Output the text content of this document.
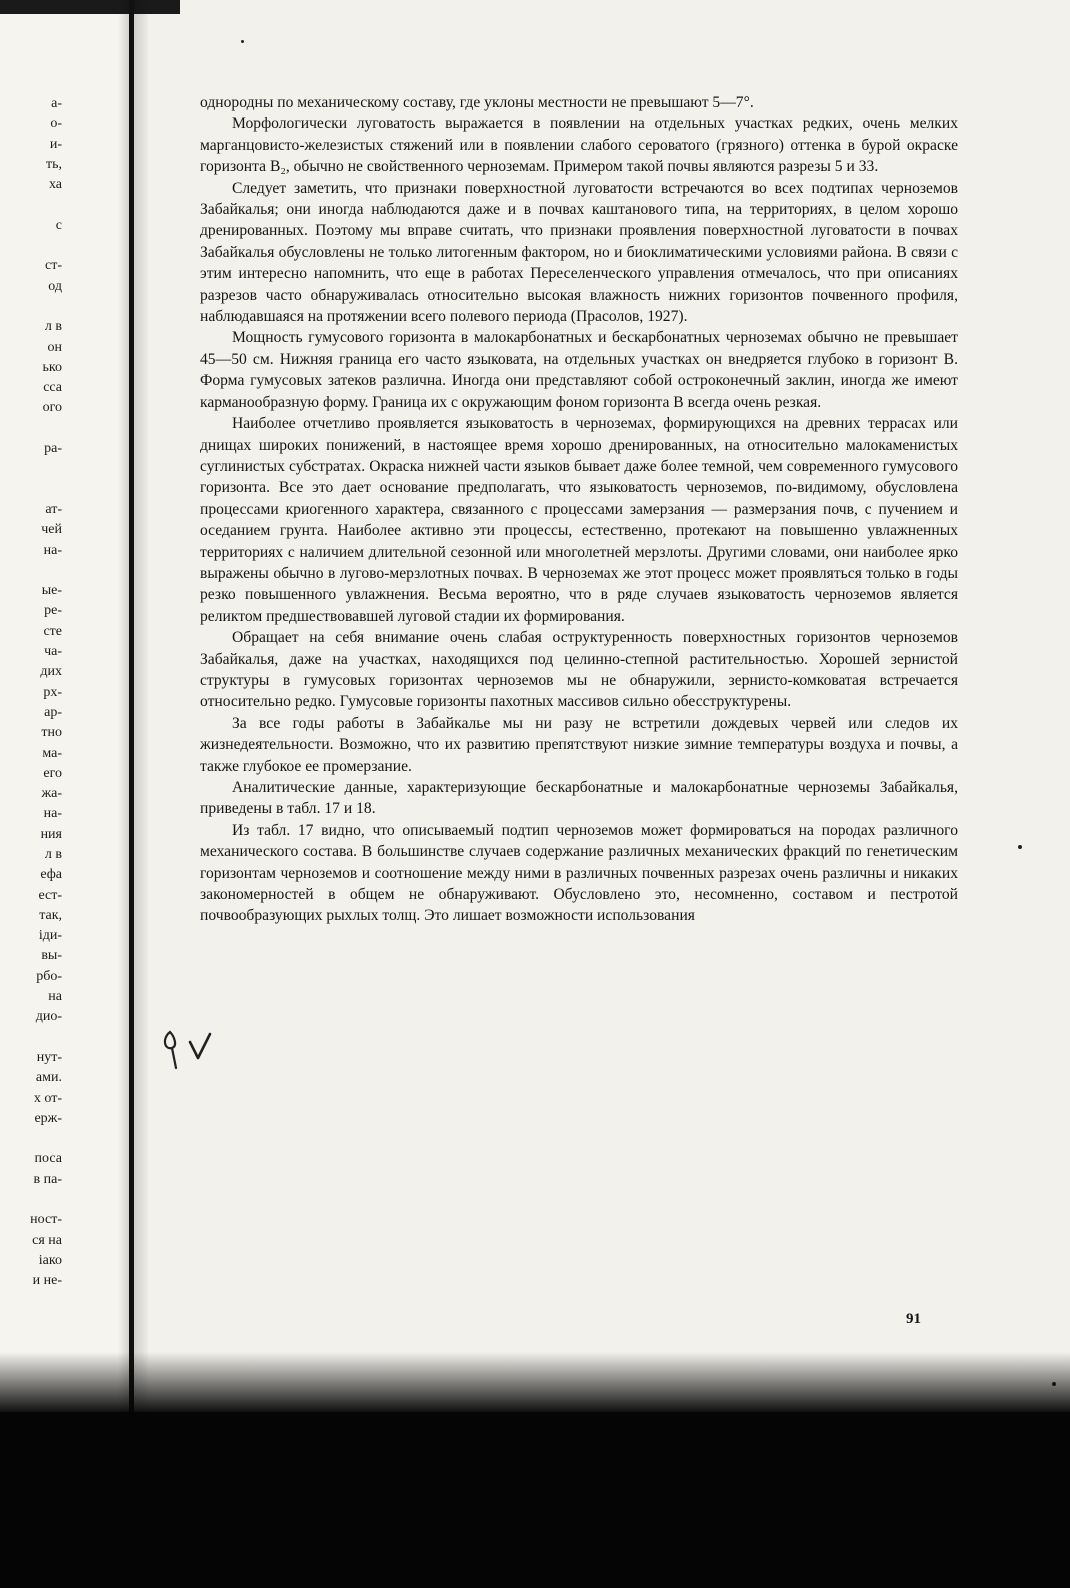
а-
о-
и-
ть,
ха
с
ст-
од
л в
он
ько
сса
ого
ра-
ат-
чей
на-
ые-
ре-
сте
ча-
дих
рх-
ар-
тно
ма-
его
жа-
на-
ния
л в
ефа
ест-
так,
іди-
вы-
рбо-
на
дио-
нут-
ами.
х от-
ерж-
поса
в па-
ност-
ся на
іако
и не-

однородны по механическому составу, где уклоны местности не превышают 5—7°.

Морфологически луговатость выражается в появлении на отдельных участках редких, очень мелких марганцовисто-железистых стяжений или в появлении слабого сероватого (грязного) оттенка в бурой окраске горизонта B₂, обычно не свойственного черноземам. Примером такой почвы являются разрезы 5 и 33.

Следует заметить, что признаки поверхностной луговатости встречаются во всех подтипах черноземов Забайкалья; они иногда наблюдаются даже и в почвах каштанового типа, на территориях, в целом хорошо дренированных. Поэтому мы вправе считать, что признаки проявления поверхностной луговатости в почвах Забайкалья обусловлены не только литогенным фактором, но и биоклиматическими условиями района. В связи с этим интересно напомнить, что еще в работах Переселенческого управления отмечалось, что при описаниях разрезов часто обнаруживалась относительно высокая влажность нижних горизонтов почвенного профиля, наблюдавшаяся на протяжении всего полевого периода (Прасолов, 1927).

Мощность гумусового горизонта в малокарбонатных и бескарбонатных черноземах обычно не превышает 45—50 см. Нижняя граница его часто языковата, на отдельных участках он внедряется глубоко в горизонт В. Форма гумусовых затеков различна. Иногда они представляют собой остроконечный заклин, иногда же имеют карманообразную форму. Граница их с окружающим фоном горизонта В всегда очень резкая.

Наиболее отчетливо проявляется языковатость в черноземах, формирующихся на древних террасах или днищах широких понижений, в настоящее время хорошо дренированных, на относительно малокаменистых суглинистых субстратах. Окраска нижней части языков бывает даже более темной, чем современного гумусового горизонта. Все это дает основание предполагать, что языковатость черноземов, по-видимому, обусловлена процессами криогенного характера, связанного с процессами замерзания — размерзания почв, с пучением и оседанием грунта. Наиболее активно эти процессы, естественно, протекают на повышенно увлажненных территориях с наличием длительной сезонной или многолетней мерзлоты. Другими словами, они наиболее ярко выражены обычно в лугово-мерзлотных почвах. В черноземах же этот процесс может проявляться только в годы резко повышенного увлажнения. Весьма вероятно, что в ряде случаев языковатость черноземов является реликтом предшествовавшей луговой стадии их формирования.

Обращает на себя внимание очень слабая оструктуренность поверхностных горизонтов черноземов Забайкалья, даже на участках, находящихся под целинно-степной растительностью. Хорошей зернистой структуры в гумусовых горизонтах черноземов мы не обнаружили, зернисто-комковатая встречается относительно редко. Гумусовые горизонты пахотных массивов сильно обесструктурены.

За все годы работы в Забайкалье мы ни разу не встретили дождевых червей или следов их жизнедеятельности. Возможно, что их развитию препятствуют низкие зимние температуры воздуха и почвы, а также глубокое ее промерзание.

Аналитические данные, характеризующие бескарбонатные и малокарбонатные черноземы Забайкалья, приведены в табл. 17 и 18.

Из табл. 17 видно, что описываемый подтип черноземов может формироваться на породах различного механического состава. В большинстве случаев содержание различных механических фракций по генетическим горизонтам черноземов и соотношение между ними в различных почвенных разрезах очень различны и никаких закономерностей в общем не обнаруживают. Обусловлено это, несомненно, составом и пестротой почвообразующих рыхлых толщ. Это лишает возможности использования

91
